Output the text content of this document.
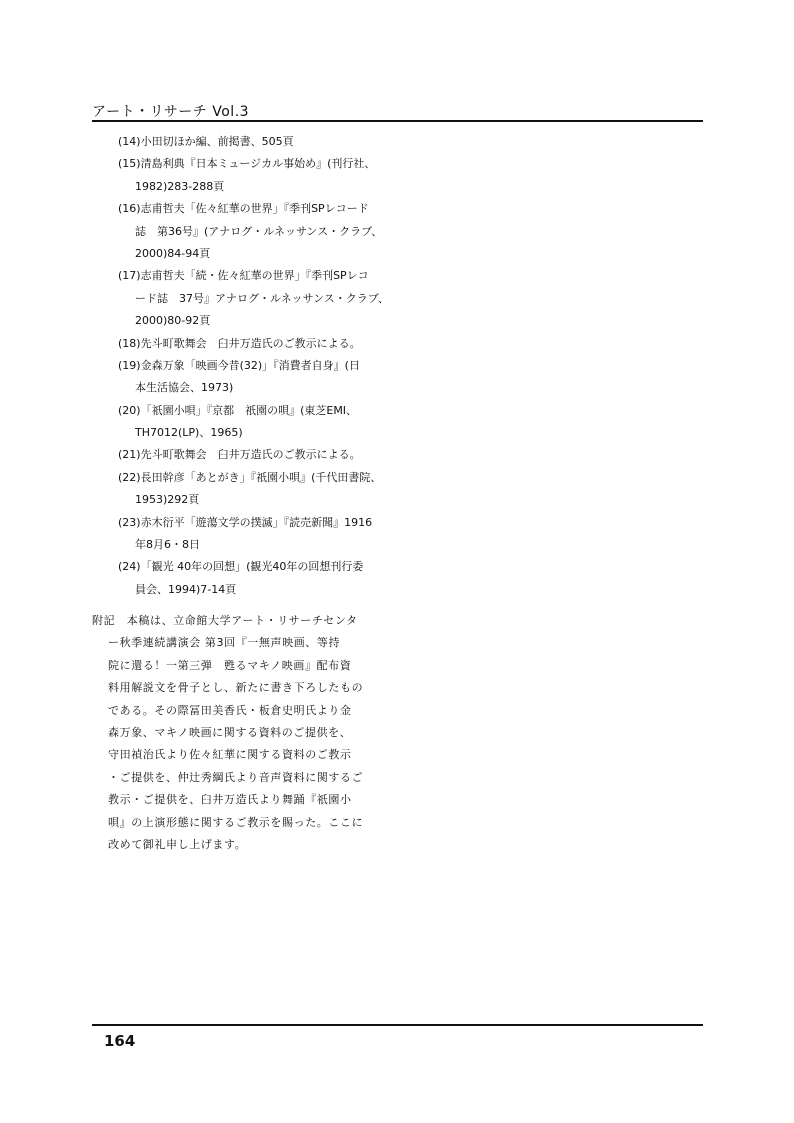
アート・リサーチ Vol.3
(14)小田切ほか編、前掲書、505頁
(15)清島利典『日本ミュージカル事始め』(刊行社、
1982)283-288頁
(16)志甫哲夫「佐々紅華の世界」『季刊SPレコード
誌　第36号』(アナログ・ルネッサンス・クラブ、
2000)84-94頁
(17)志甫哲夫「続・佐々紅華の世界」『季刊SPレコ
ード誌　37号』アナログ・ルネッサンス・クラブ、
2000)80-92頁
(18)先斗町歌舞会　臼井万造氏のご教示による。
(19)金森万象「映画今昔(32)」『消費者自身』(日
本生活協会、1973)
(20)「祇園小唄」『京都　祇園の唄』(東芝EMI、
TH7012(LP)、1965)
(21)先斗町歌舞会　臼井万造氏のご教示による。
(22)長田幹彦「あとがき」『祇園小唄』(千代田書院、
1953)292頁
(23)赤木衍平「遊蕩文学の撲滅」『読売新聞』1916
年8月6・8日
(24)「観光 40年の回想」(観光40年の回想刊行委
員会、1994)7-14頁
附記　本稿は、立命館大学アート・リサーチセンタ
ー秋季連続講演会 第3回『一無声映画、等持
院に還る！一第三弾　甦るマキノ映画』配布資
料用解説文を骨子とし、新たに書き下ろしたもの
である。その際冨田美香氏・板倉史明氏より金
森万象、マキノ映画に関する資料のご提供を、
守田禎治氏より佐々紅華に関する資料のご教示
・ご提供を、仲辻秀綱氏より音声資料に関するご
教示・ご提供を、臼井万造氏より舞踊『祇園小
唄』の上演形態に関するご教示を賜った。ここに
改めて御礼申し上げます。
164
